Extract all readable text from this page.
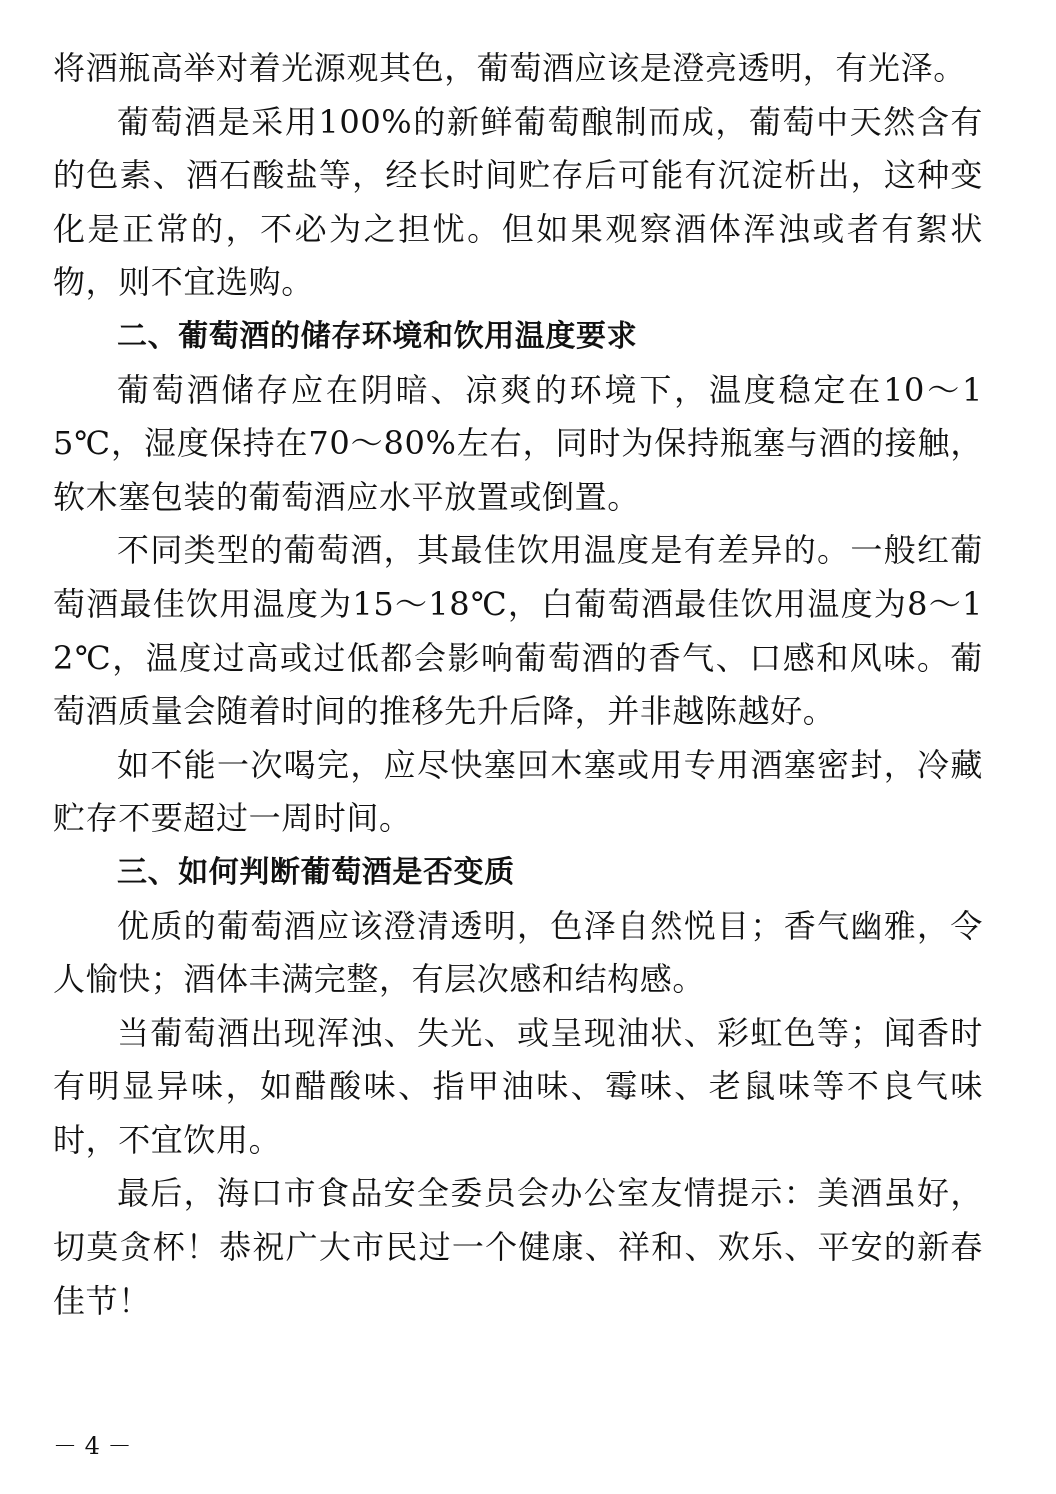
将酒瓶高举对着光源观其色，葡萄酒应该是澄亮透明，有光泽。

葡萄酒是采用100%的新鲜葡萄酿制而成，葡萄中天然含有的色素、酒石酸盐等，经长时间贮存后可能有沉淀析出，这种变化是正常的，不必为之担忧。但如果观察酒体浑浊或者有絮状物，则不宜选购。

二、葡萄酒的储存环境和饮用温度要求

葡萄酒储存应在阴暗、凉爽的环境下，温度稳定在10～15℃，湿度保持在70～80%左右，同时为保持瓶塞与酒的接触，软木塞包装的葡萄酒应水平放置或倒置。

不同类型的葡萄酒，其最佳饮用温度是有差异的。一般红葡萄酒最佳饮用温度为15～18℃，白葡萄酒最佳饮用温度为8～12℃，温度过高或过低都会影响葡萄酒的香气、口感和风味。葡萄酒质量会随着时间的推移先升后降，并非越陈越好。

如不能一次喝完，应尽快塞回木塞或用专用酒塞密封，冷藏贮存不要超过一周时间。

三、如何判断葡萄酒是否变质

优质的葡萄酒应该澄清透明，色泽自然悦目；香气幽雅，令人愉快；酒体丰满完整，有层次感和结构感。

当葡萄酒出现浑浊、失光、或呈现油状、彩虹色等；闻香时有明显异味，如醋酸味、指甲油味、霉味、老鼠味等不良气味时，不宜饮用。

最后，海口市食品安全委员会办公室友情提示：美酒虽好，切莫贪杯！恭祝广大市民过一个健康、祥和、欢乐、平安的新春佳节！

－ 4 －
